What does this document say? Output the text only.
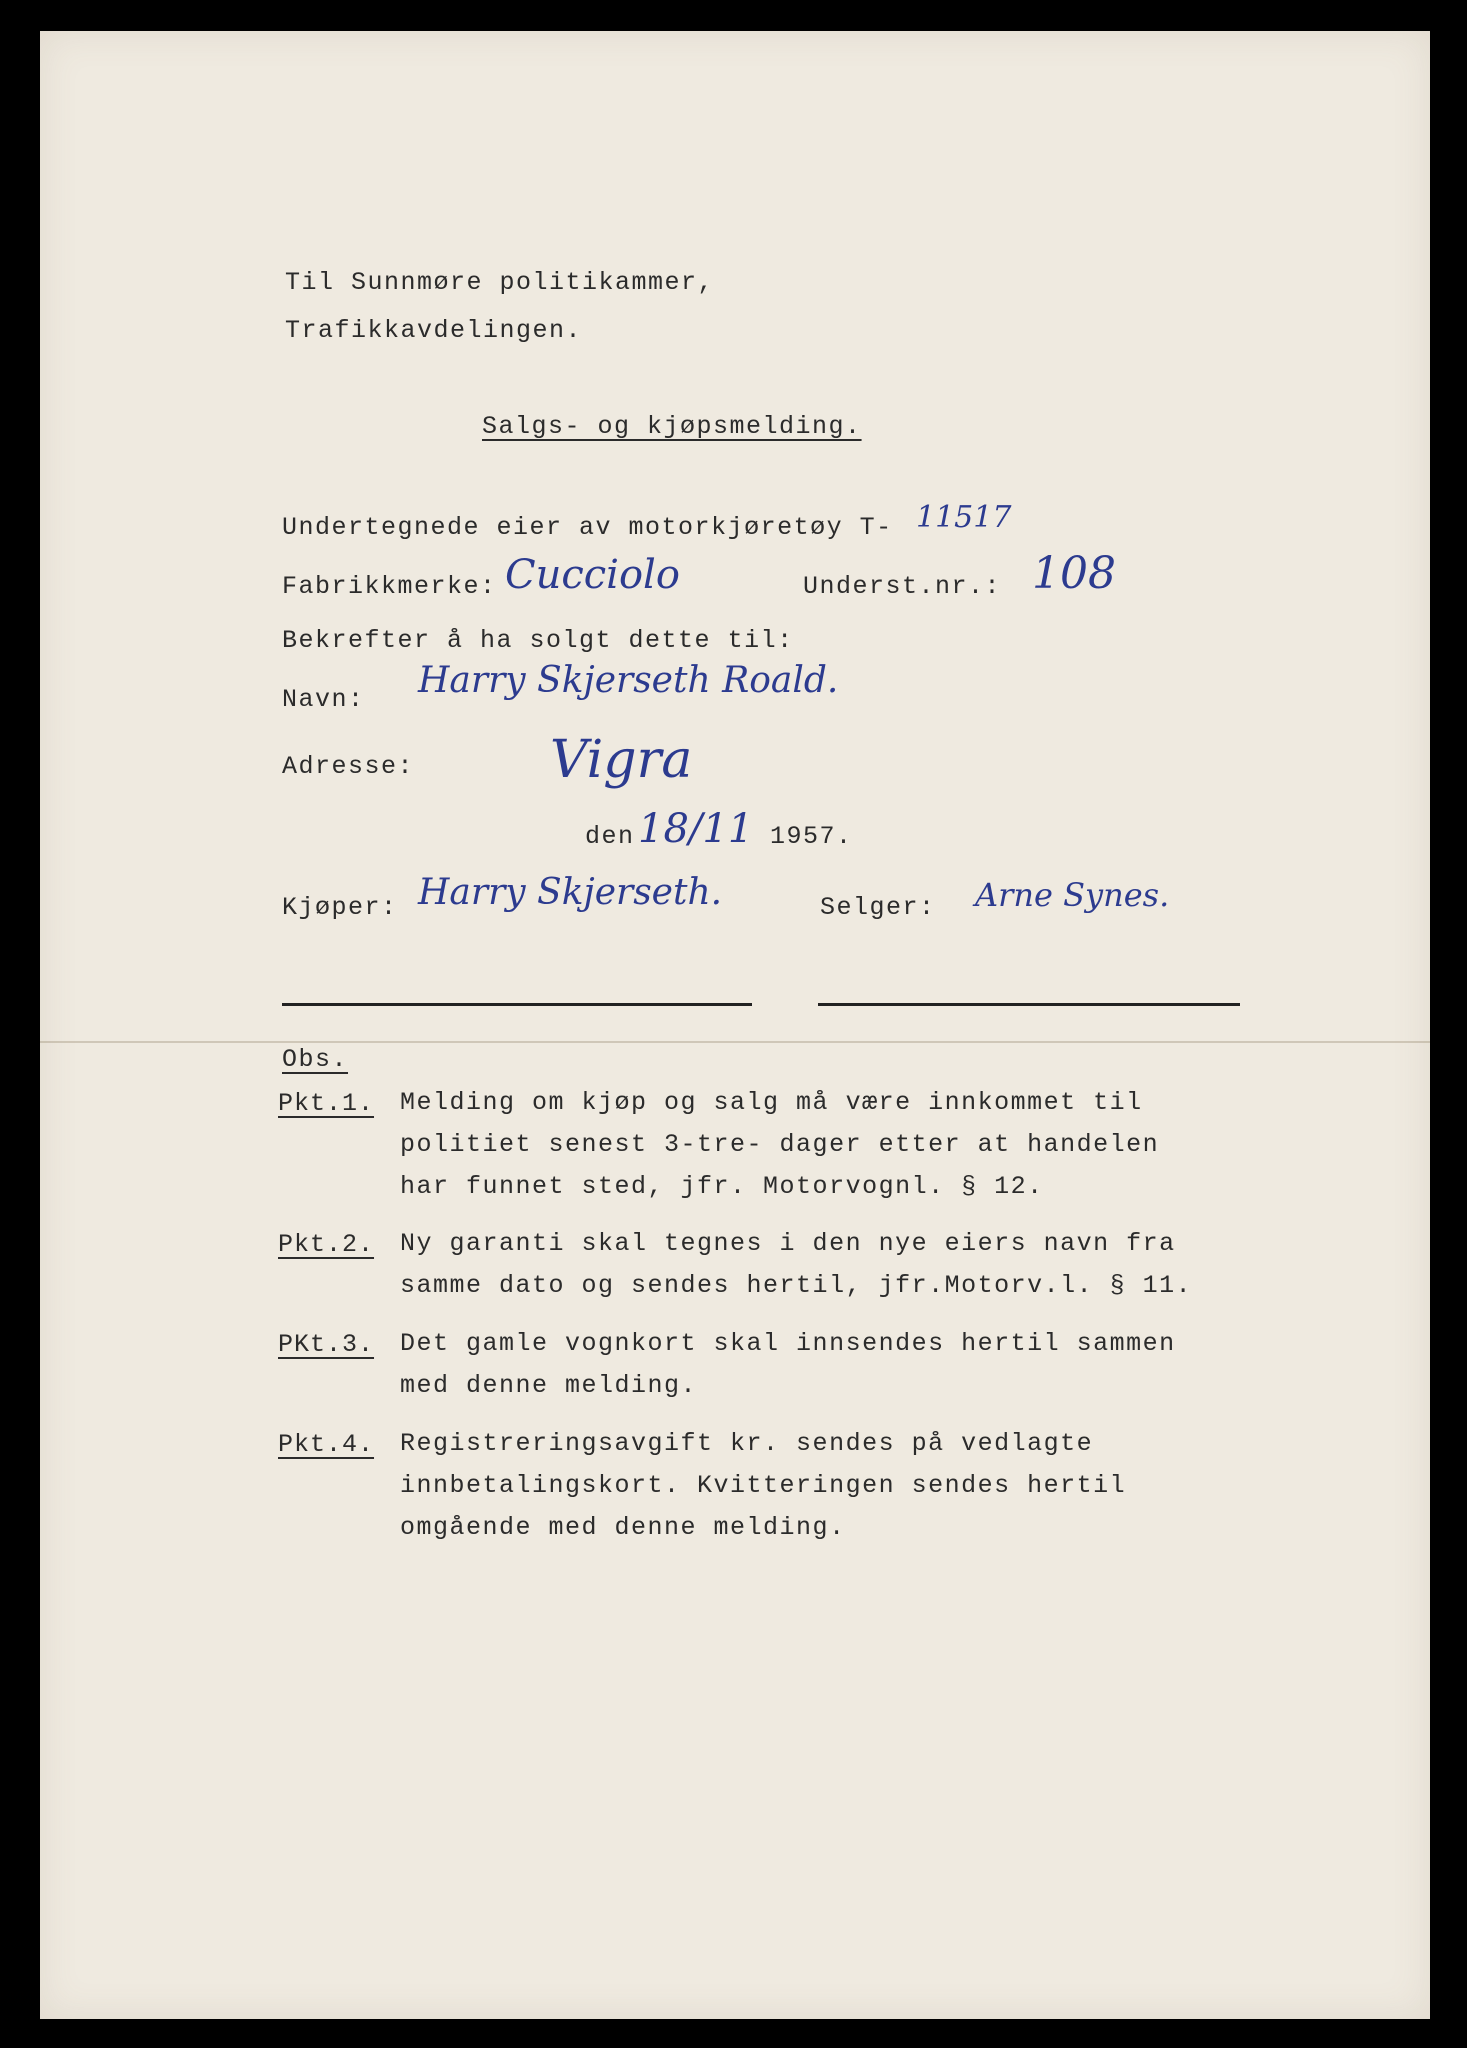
Til Sunnmøre politikammer,
Trafikkavdelingen.
Salgs- og kjøpsmelding.
Undertegnede eier av motorkjøretøy T- 11517
Fabrikkmerke: Cucciolo	Underst.nr.: 108
Bekrefter å ha solgt dette til:
Navn: Harry Skjerseth Roald.
Adresse:	Vigra
den 18/11 1957.
Kjøper: Harry Skjerseth.	Selger: Arne Synes.
Obs.
Pkt.1. Melding om kjøp og salg må være innkommet til
politiet senest 3-tre- dager etter at handelen
har funnet sted, jfr. Motorvognl. § 12.
Pkt.2. Ny garanti skal tegnes i den nye eiers navn fra
samme dato og sendes hertil, jfr.Motorv.l. § 11.
PKt.3. Det gamle vognkort skal innsendes hertil sammen
med denne melding.
Pkt.4. Registreringsavgift kr. sendes på vedlagte
innbetalingskort. Kvitteringen sendes hertil
omgående med denne melding.
